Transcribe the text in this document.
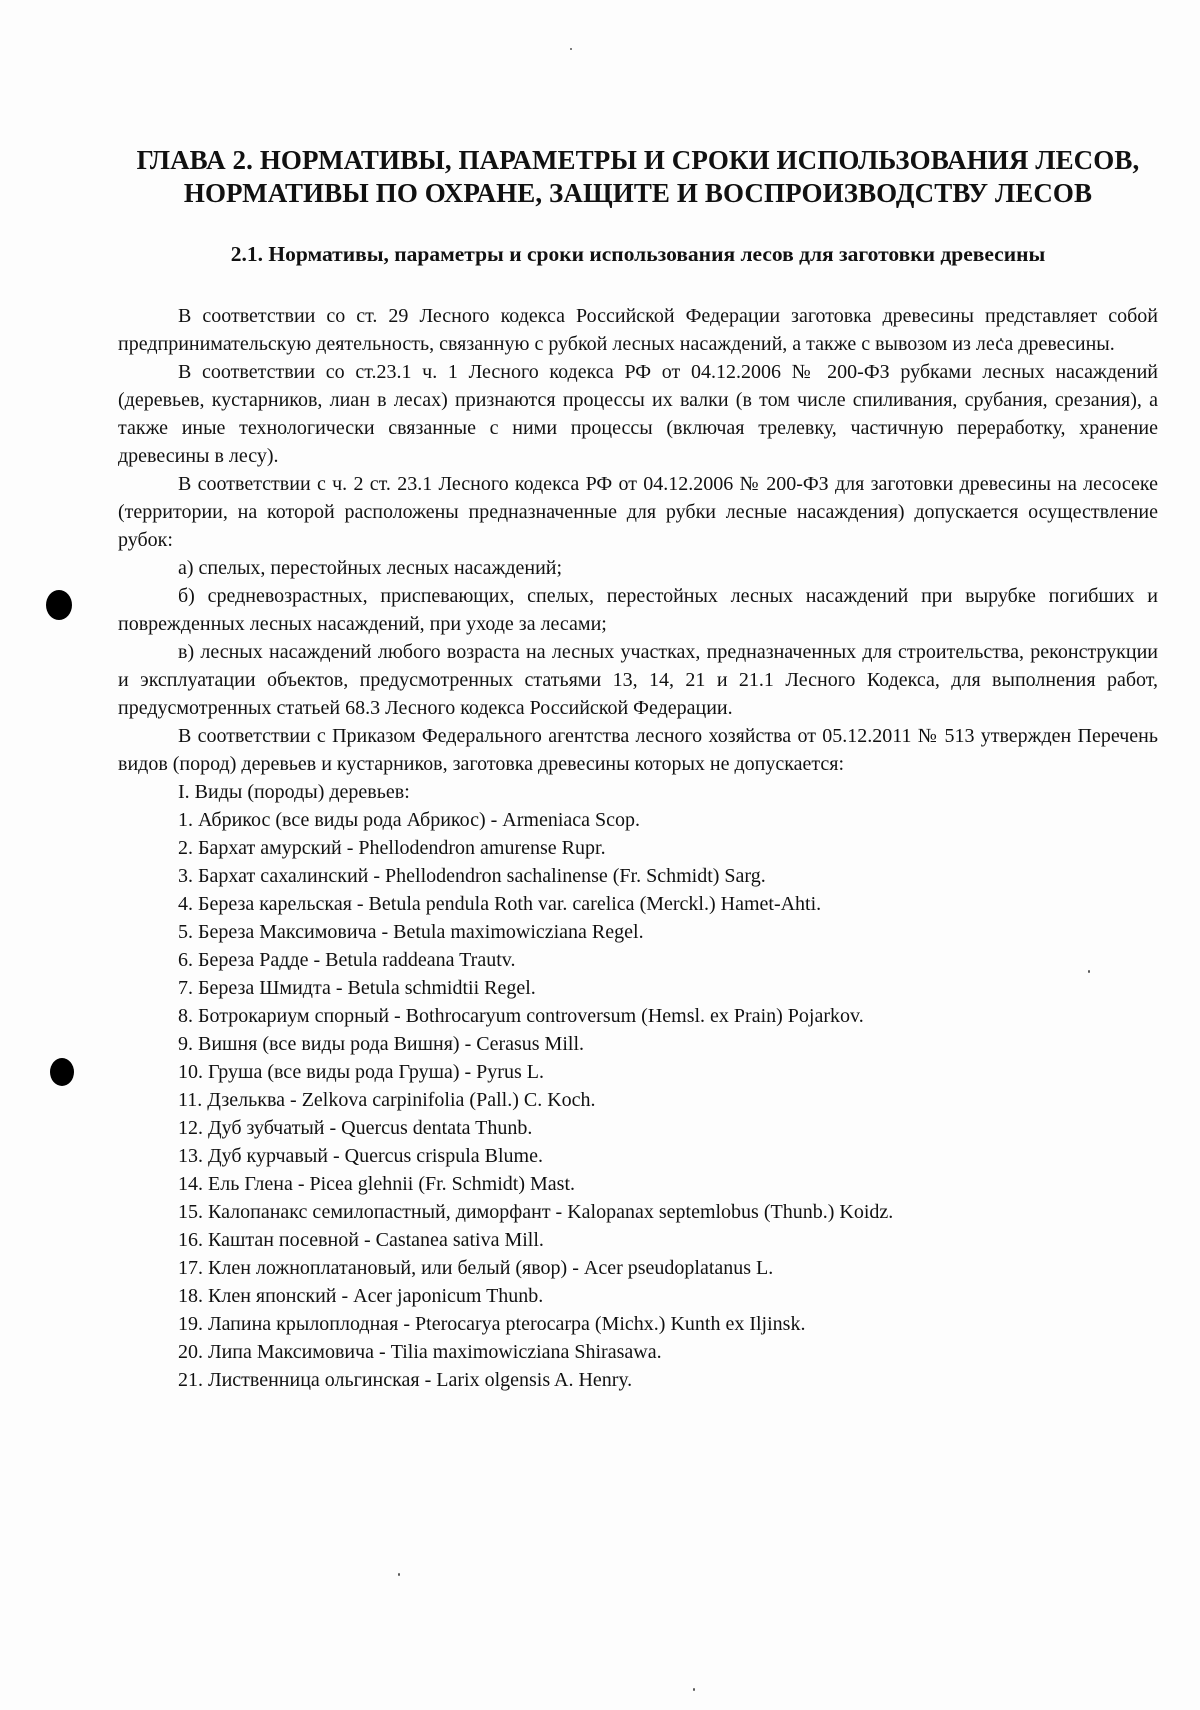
ГЛАВА 2. НОРМАТИВЫ, ПАРАМЕТРЫ И СРОКИ ИСПОЛЬЗОВАНИЯ ЛЕСОВ, НОРМАТИВЫ ПО ОХРАНЕ, ЗАЩИТЕ И ВОСПРОИЗВОДСТВУ ЛЕСОВ
2.1. Нормативы, параметры и сроки использования лесов для заготовки древесины

В соответствии со ст. 29 Лесного кодекса Российской Федерации заготовка древесины представляет собой предпринимательскую деятельность, связанную с рубкой лесных насаждений, а также с вывозом из леса древесины.

В соответствии со ст.23.1 ч. 1 Лесного кодекса РФ от 04.12.2006 № 200-ФЗ рубками лесных насаждений (деревьев, кустарников, лиан в лесах) признаются процессы их валки (в том числе спиливания, срубания, срезания), а также иные технологически связанные с ними процессы (включая трелевку, частичную переработку, хранение древесины в лесу).

В соответствии с ч. 2 ст. 23.1 Лесного кодекса РФ от 04.12.2006 № 200-ФЗ для заготовки древесины на лесосеке (территории, на которой расположены предназначенные для рубки лесные насаждения) допускается осуществление рубок:

а) спелых, перестойных лесных насаждений;

б) средневозрастных, приспевающих, спелых, перестойных лесных насаждений при вырубке погибших и поврежденных лесных насаждений, при уходе за лесами;

в) лесных насаждений любого возраста на лесных участках, предназначенных для строительства, реконструкции и эксплуатации объектов, предусмотренных статьями 13, 14, 21 и 21.1 Лесного Кодекса, для выполнения работ, предусмотренных статьей 68.3 Лесного кодекса Российской Федерации.

В соответствии с Приказом Федерального агентства лесного хозяйства от 05.12.2011 № 513 утвержден Перечень видов (пород) деревьев и кустарников, заготовка древесины которых не допускается:

I. Виды (породы) деревьев:
1. Абрикос (все виды рода Абрикос) - Armeniaca Scop.
2. Бархат амурский - Phellodendron amurense Rupr.
3. Бархат сахалинский - Phellodendron sachalinense (Fr. Schmidt) Sarg.
4. Береза карельская - Betula pendula Roth var. carelica (Merckl.) Hamet-Ahti.
5. Береза Максимовича - Betula maximowicziana Regel.
6. Береза Радде - Betula raddeana Trautv.
7. Береза Шмидта - Betula schmidtii Regel.
8. Ботрокариум спорный - Bothrocaryum controversum (Hemsl. ex Prain) Pojarkov.
9. Вишня (все виды рода Вишня) - Cerasus Mill.
10. Груша (все виды рода Груша) - Pyrus L.
11. Дзельква - Zelkova carpinifolia (Pall.) C. Koch.
12. Дуб зубчатый - Quercus dentata Thunb.
13. Дуб курчавый - Quercus crispula Blume.
14. Ель Глена - Picea glehnii (Fr. Schmidt) Mast.
15. Калопанакс семилопастный, диморфант - Kalopanax septemlobus (Thunb.) Koidz.
16. Каштан посевной - Castanea sativa Mill.
17. Клен ложноплатановый, или белый (явор) - Acer pseudoplatanus L.
18. Клен японский - Acer japonicum Thunb.
19. Лапина крылоплодная - Pterocarya pterocarpa (Michx.) Kunth ex Iljinsk.
20. Липа Максимовича - Tilia maximowicziana Shirasawa.
21. Лиственница ольгинская - Larix olgensis A. Henry.
